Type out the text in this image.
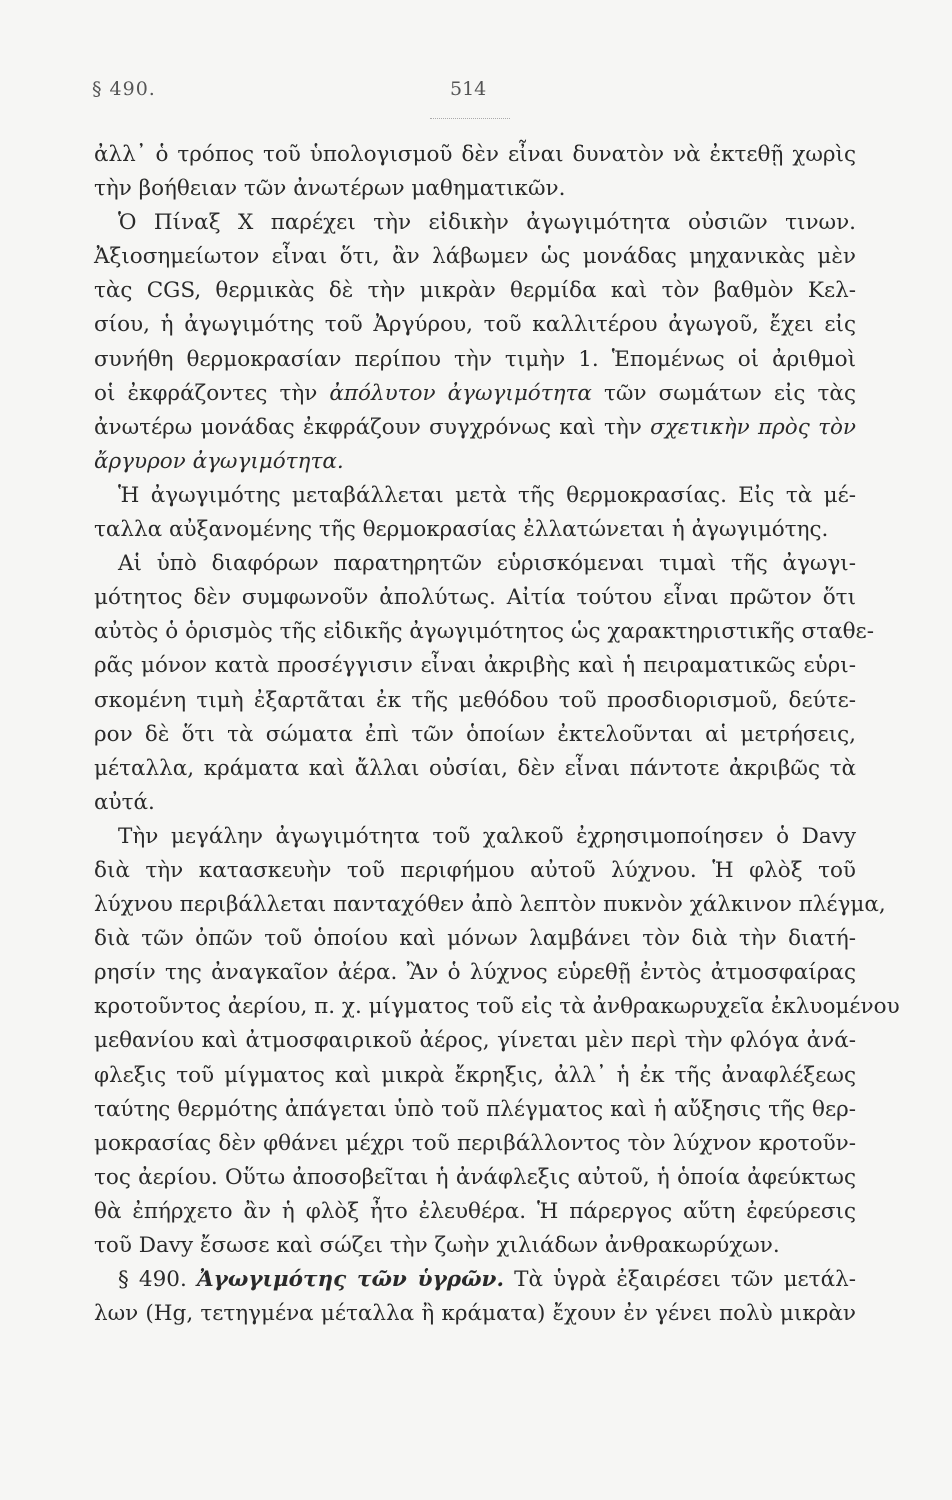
§ 490.	514
ἀλλ᾽ ὁ τρόπος τοῦ ὑπολογισμοῦ δὲν εἶναι δυνατὸν νὰ ἐκτεθῇ χωρὶς
τὴν βοήθειαν τῶν ἀνωτέρων μαθηματικῶν.
Ὁ Πίναξ Χ παρέχει τὴν εἰδικὴν ἀγωγιμότητα οὐσιῶν τινων.
Ἀξιοσημείωτον εἶναι ὅτι, ἂν λάβωμεν ὡς μονάδας μηχανικὰς μὲν
τὰς CGS, θερμικὰς δὲ τὴν μικρὰν θερμίδα καὶ τὸν βαθμὸν Κελ-
σίου, ἡ ἀγωγιμότης τοῦ Ἀργύρου, τοῦ καλλιτέρου ἀγωγοῦ, ἔχει εἰς
συνήθη θερμοκρασίαν περίπου τὴν τιμὴν 1. Ἑπομένως οἱ ἀριθμοὶ
οἱ ἐκφράζοντες τὴν ἀπόλυτον ἀγωγιμότητα τῶν σωμάτων εἰς τὰς
ἀνωτέρω μονάδας ἐκφράζουν συγχρόνως καὶ τὴν σχετικὴν πρὸς τὸν
ἄργυρον ἀγωγιμότητα.
Ἡ ἀγωγιμότης μεταβάλλεται μετὰ τῆς θερμοκρασίας. Εἰς τὰ μέ-
ταλλα αὐξανομένης τῆς θερμοκρασίας ἐλλατώνεται ἡ ἀγωγιμότης.
Αἱ ὑπὸ διαφόρων παρατηρητῶν εὑρισκόμεναι τιμαὶ τῆς ἀγωγι-
μότητος δὲν συμφωνοῦν ἀπολύτως. Αἰτία τούτου εἶναι πρῶτον ὅτι
αὐτὸς ὁ ὁρισμὸς τῆς εἰδικῆς ἀγωγιμότητος ὡς χαρακτηριστικῆς σταθε-
ρᾶς μόνον κατὰ προσέγγισιν εἶναι ἀκριβὴς καὶ ἡ πειραματικῶς εὑρι-
σκομένη τιμὴ ἐξαρτᾶται ἐκ τῆς μεθόδου τοῦ προσδιορισμοῦ, δεύτε-
ρον δὲ ὅτι τὰ σώματα ἐπὶ τῶν ὁποίων ἐκτελοῦνται αἱ μετρήσεις,
μέταλλα, κράματα καὶ ἄλλαι οὐσίαι, δὲν εἶναι πάντοτε ἀκριβῶς τὰ
αὐτά.
Τὴν μεγάλην ἀγωγιμότητα τοῦ χαλκοῦ ἐχρησιμοποίησεν ὁ Davy
διὰ τὴν κατασκευὴν τοῦ περιφήμου αὐτοῦ λύχνου. Ἡ φλὸξ τοῦ
λύχνου περιβάλλεται πανταχόθεν ἀπὸ λεπτὸν πυκνὸν χάλκινον πλέγμα,
διὰ τῶν ὀπῶν τοῦ ὁποίου καὶ μόνων λαμβάνει τὸν διὰ τὴν διατή-
ρησίν της ἀναγκαῖον ἀέρα. Ἂν ὁ λύχνος εὑρεθῇ ἐντὸς ἀτμοσφαίρας
κροτοῦντος ἀερίου, π. χ. μίγματος τοῦ εἰς τὰ ἀνθρακωρυχεῖα ἐκλυομένου
μεθανίου καὶ ἀτμοσφαιρικοῦ ἀέρος, γίνεται μὲν περὶ τὴν φλόγα ἀνά-
φλεξις τοῦ μίγματος καὶ μικρὰ ἔκρηξις, ἀλλ᾽ ἡ ἐκ τῆς ἀναφλέξεως
ταύτης θερμότης ἀπάγεται ὑπὸ τοῦ πλέγματος καὶ ἡ αὔξησις τῆς θερ-
μοκρασίας δὲν φθάνει μέχρι τοῦ περιβάλλοντος τὸν λύχνον κροτοῦν-
τος ἀερίου. Οὕτω ἀποσοβεῖται ἡ ἀνάφλεξις αὐτοῦ, ἡ ὁποία ἀφεύκτως
θὰ ἐπήρχετο ἂν ἡ φλὸξ ἦτο ἐλευθέρα. Ἡ πάρεργος αὕτη ἐφεύρεσις
τοῦ Davy ἔσωσε καὶ σώζει τὴν ζωὴν χιλιάδων ἀνθρακωρύχων.
§ 490. Ἀγωγιμότης τῶν ὑγρῶν. Τὰ ὑγρὰ ἐξαιρέσει τῶν μετάλ-
λων (Hg, τετηγμένα μέταλλα ἢ κράματα) ἔχουν ἐν γένει πολὺ μικρὰν
